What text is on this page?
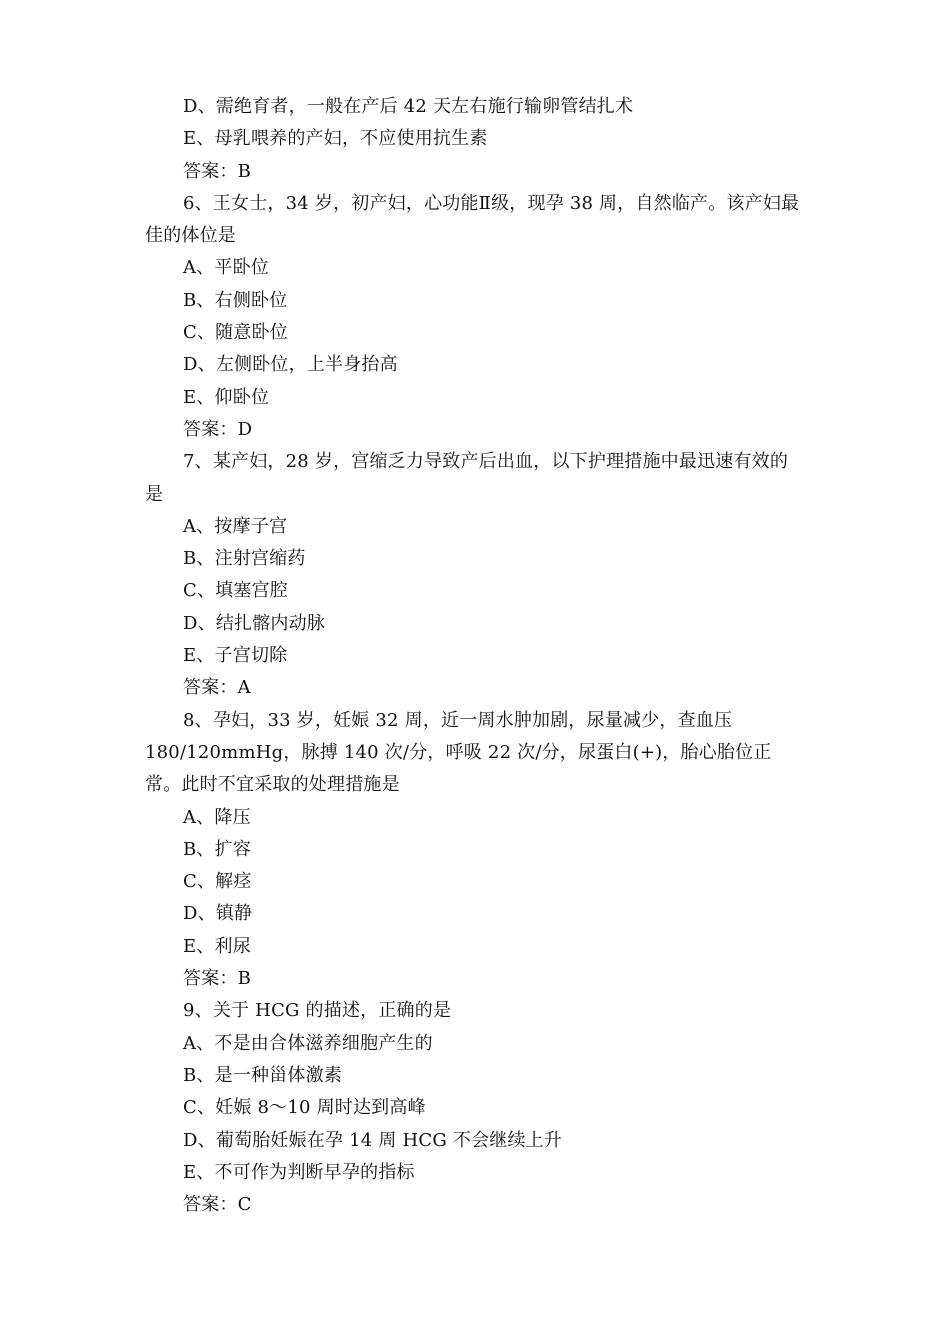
D、需绝育者，一般在产后 42 天左右施行输卵管结扎术
E、母乳喂养的产妇，不应使用抗生素
答案：B
6、王女士，34 岁，初产妇，心功能Ⅱ级，现孕 38 周，自然临产。该产妇最佳的体位是
A、平卧位
B、右侧卧位
C、随意卧位
D、左侧卧位，上半身抬高
E、仰卧位
答案：D
7、某产妇，28 岁，宫缩乏力导致产后出血，以下护理措施中最迅速有效的是
A、按摩子宫
B、注射宫缩药
C、填塞宫腔
D、结扎髂内动脉
E、子宫切除
答案：A
8、孕妇，33 岁，妊娠 32 周，近一周水肿加剧，尿量减少，查血压 180/120mmHg，脉搏 140 次/分，呼吸 22 次/分，尿蛋白(+)，胎心胎位正常。此时不宜采取的处理措施是
A、降压
B、扩容
C、解痉
D、镇静
E、利尿
答案：B
9、关于 HCG 的描述，正确的是
A、不是由合体滋养细胞产生的
B、是一种甾体激素
C、妊娠 8～10 周时达到高峰
D、葡萄胎妊娠在孕 14 周 HCG 不会继续上升
E、不可作为判断早孕的指标
答案：C
